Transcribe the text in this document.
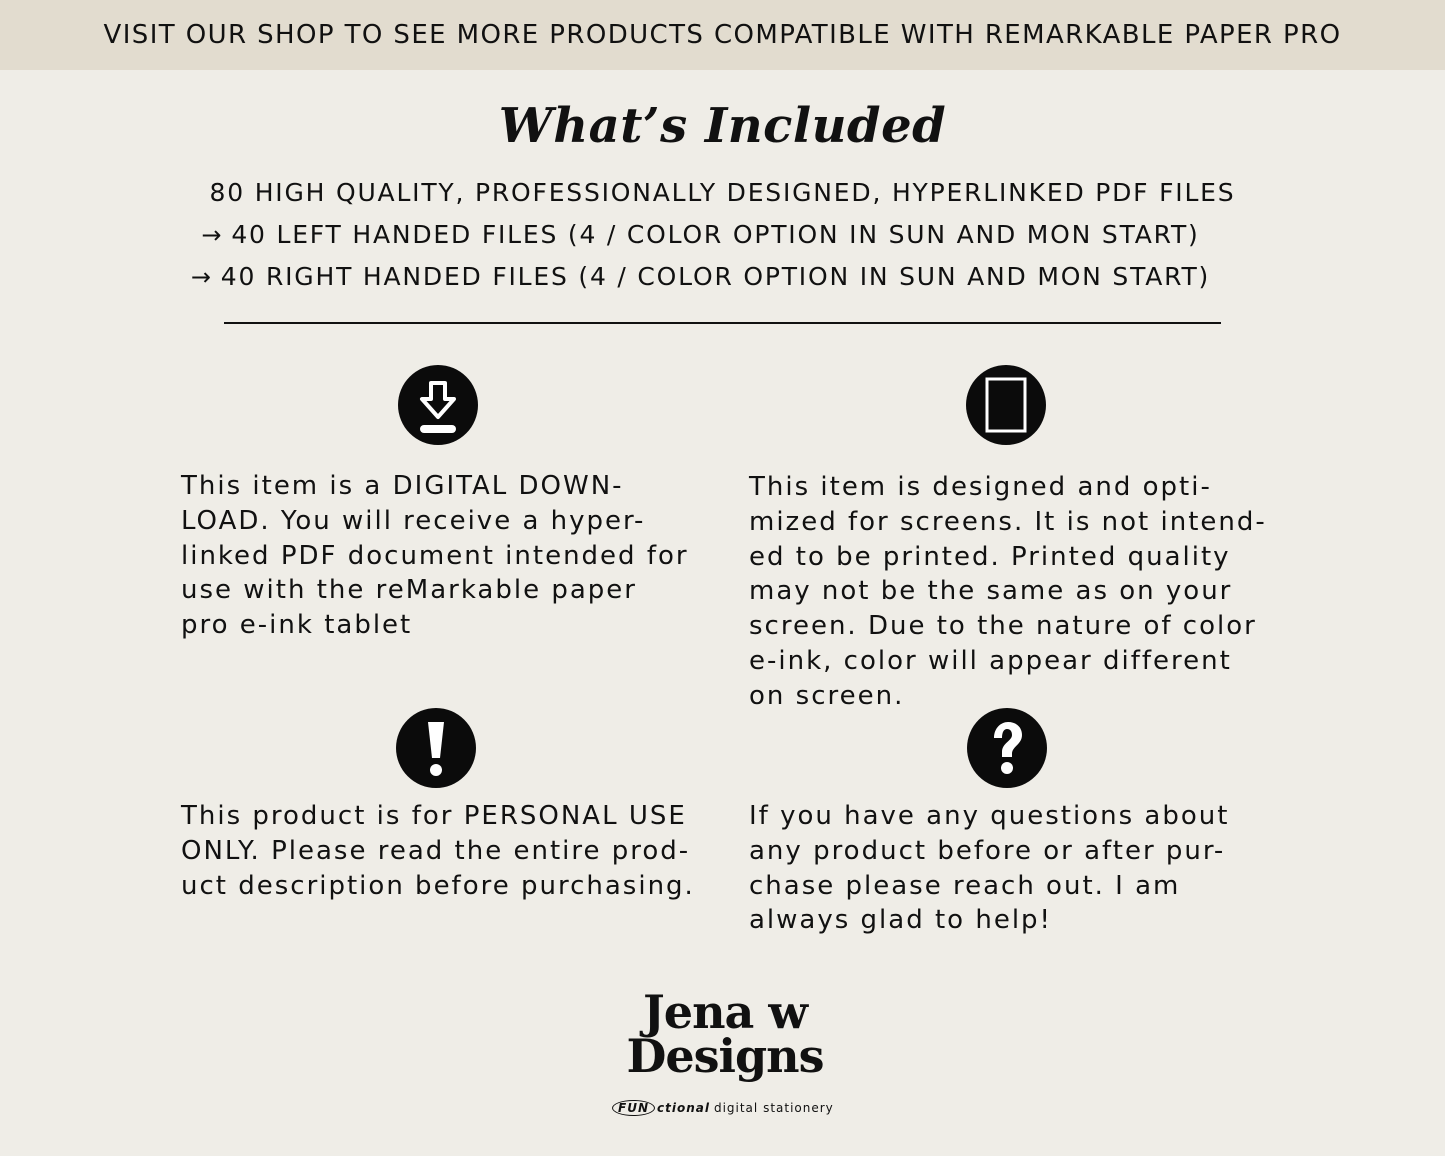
VISIT OUR SHOP TO SEE MORE PRODUCTS COMPATIBLE WITH REMARKABLE PAPER PRO
What’s Included
80 HIGH QUALITY, PROFESSIONALLY DESIGNED, HYPERLINKED PDF FILES
→ 40 LEFT HANDED FILES (4 / COLOR OPTION IN SUN AND MON START)
→ 40 RIGHT HANDED FILES (4 / COLOR OPTION IN SUN AND MON START)
This item is a DIGITAL DOWN-
LOAD. You will receive a hyper-
linked PDF document intended for
use with the reMarkable paper
pro e-ink tablet
This item is designed and opti-
mized for screens. It is not intend-
ed to be printed. Printed quality
may not be the same as on your
screen. Due to the nature of color
e-ink, color will appear different
on screen.
This product is for PERSONAL USE
ONLY. Please read the entire prod-
uct description before purchasing.
If you have any questions about
any product before or after pur-
chase please reach out. I am
always glad to help!
Jena w
Designs
FUN ctional digital stationery
